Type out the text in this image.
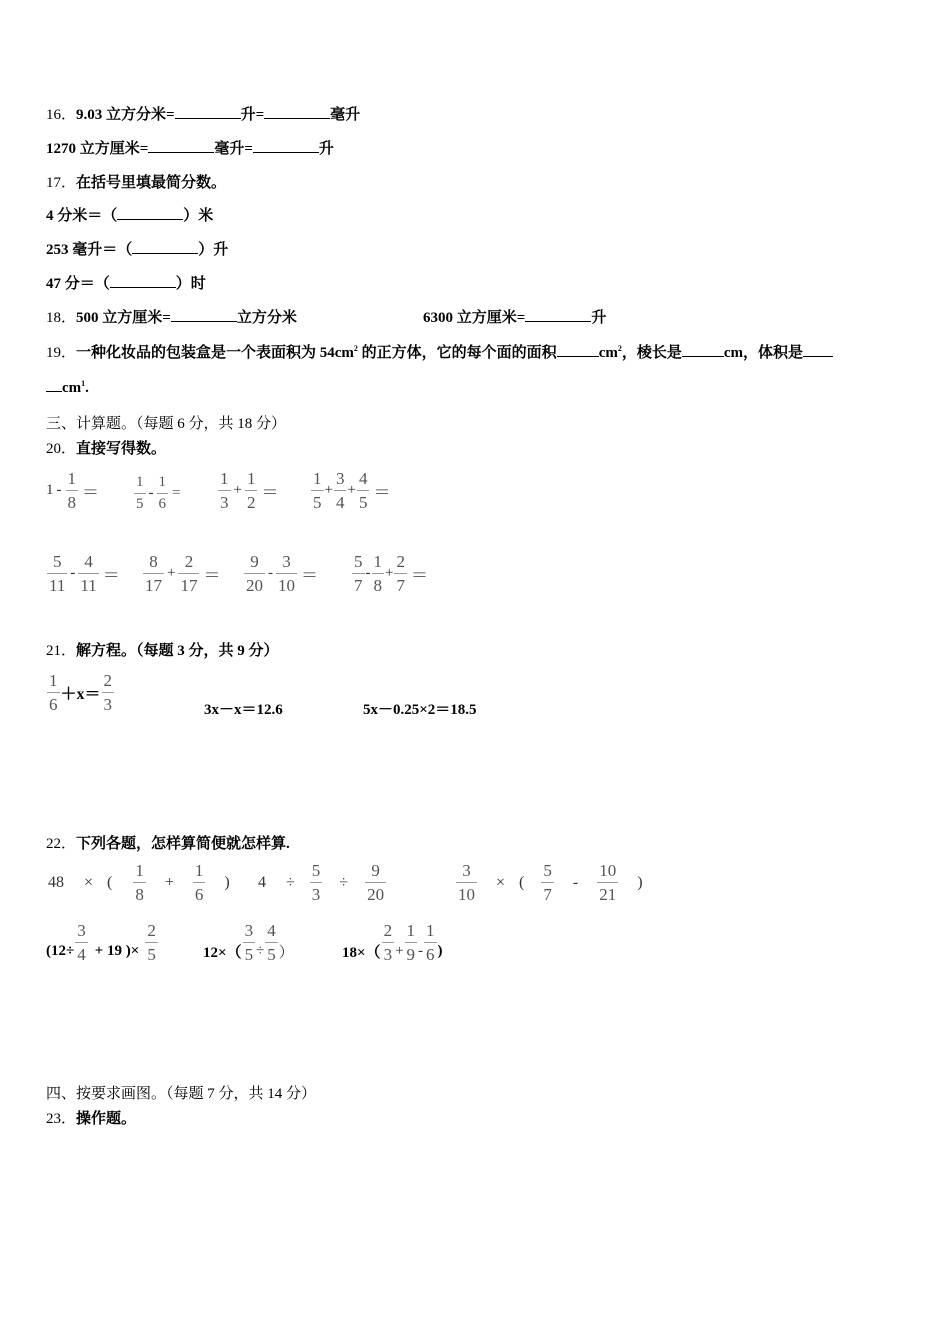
16．9.03 立方分米=	升=	毫升
1270 立方厘米=	毫升=	升
17．在括号里填最简分数。
4 分米＝（	）米
253 毫升＝（	）升
47 分＝（	）时
18．500 立方厘米=	立方分米	6300 立方厘米=	升
19．一种化妆品的包装盒是一个表面积为 $54cm^2$ 的正方体，它的每个面的面积	$cm^2$，棱长是	cm，体积是
$cm^1$.
三、计算题。（每题 6 分，共 18 分）
20．直接写得数。
$1 - \frac{1}{8} = \frac{1}{5} - \frac{1}{6} = \frac{1}{3} + \frac{1}{2} = \frac{1}{5} + \frac{3}{4} + \frac{4}{5}$ ＝
$\frac{5}{11} - \frac{4}{11} = \frac{8}{17} + \frac{2}{17} = \frac{9}{20} - \frac{3}{10} = \frac{5}{7} - \frac{1}{8} + \frac{2}{7}$ ＝
21．解方程。（每题 3 分，共 9 分）
$\frac{1}{6} +x= \frac{2}{3}$	3x－x＝12.6	5x－0.25×2＝18.5
22．下列各题，怎样算简便就怎样算.
48 × ( $\frac{1}{8} + \frac{1}{6}$ ) $4 \div \frac{5}{3} \div \frac{9}{20}$	$\frac{3}{10}$ × ( $\frac{5}{7} - \frac{10}{21}$ )
($12\div \frac{3}{4} + 19$ )× $\frac{2}{5}$	$12\times( \frac{3}{5} \div \frac{4}{5}$ ）	$18\times( \frac{2}{3} + \frac{1}{9} - \frac{1}{6}$ )
四、按要求画图。（每题 7 分，共 14 分）
23．操作题。
